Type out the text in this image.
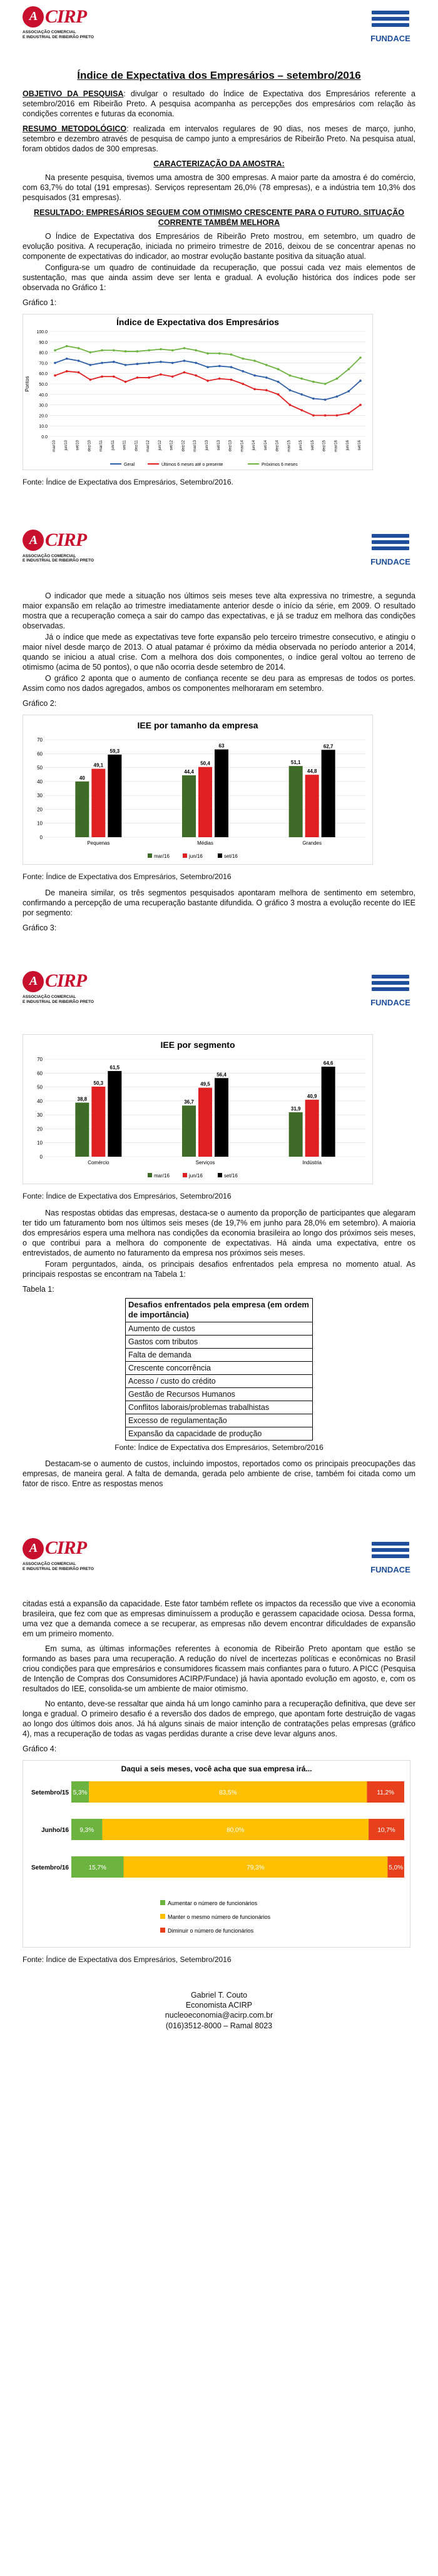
A CIRP
ASSOCIAÇÃO COMERCIAL
E INDUSTRIAL DE RIBEIRÃO PRETO	FUNDACE
Índice de Expectativa dos Empresários – setembro/2016

OBJETIVO DA PESQUISA: divulgar o resultado do Índice de Expectativa dos Empresários referente a setembro/2016 em Ribeirão Preto. A pesquisa acompanha as percepções dos empresários com relação às condições correntes e futuras da economia.

RESUMO METODOLÓGICO: realizada em intervalos regulares de 90 dias, nos meses de março, junho, setembro e dezembro através de pesquisa de campo junto a empresários de Ribeirão Preto. Na pesquisa atual, foram obtidos dados de 300 empresas.

CARACTERIZAÇÃO DA AMOSTRA:

Na presente pesquisa, tivemos uma amostra de 300 empresas. A maior parte da amostra é do comércio, com 63,7% do total (191 empresas). Serviços representam 26,0% (78 empresas), e a indústria tem 10,3% dos pesquisados (31 empresas).

RESULTADO: EMPRESÁRIOS SEGUEM COM OTIMISMO CRESCENTE PARA O FUTURO. SITUAÇÃO CORRENTE TAMBÉM MELHORA

O Índice de Expectativa dos Empresários de Ribeirão Preto mostrou, em setembro, um quadro de evolução positiva. A recuperação, iniciada no primeiro trimestre de 2016, deixou de se concentrar apenas no componente de expectativas do indicador, ao mostrar evolução bastante positiva da situação atual.

Configura-se um quadro de continuidade da recuperação, que possui cada vez mais elementos de sustentação, mas que ainda assim deve ser lenta e gradual. A evolução histórica dos índices pode ser observada no Gráfico 1:

Gráfico 1:
Índice de Expectativa dos Empresários
0.0
10.0
20.0
30.0
40.0
50.0
60.0
70.0
80.0
90.0
100.0
Pontos
mar/10 jun/10 set/10 dez/10 mar/11 jun/11 set/11 dez/11 mar/12 jun/12 set/12 dez/12 mar/13 jun/13 set/13 dez/13 mar/14 jun/14 set/14 dez/14 mar/15 jun/15 set/15 dez/15 mar/16 jun/16 set/16
Geral	Últimos 6 meses até o presente	Próximos 6 meses
Fonte: Índice de Expectativa dos Empresários, Setembro/2016.
A CIRP
ASSOCIAÇÃO COMERCIAL
E INDUSTRIAL DE RIBEIRÃO PRETO	FUNDACE

O indicador que mede a situação nos últimos seis meses teve alta expressiva no trimestre, a segunda maior expansão em relação ao trimestre imediatamente anterior desde o início da série, em 2009. O resultado mostra que a recuperação começa a sair do campo das expectativas, e já se traduz em melhora das condições observadas.

Já o índice que mede as expectativas teve forte expansão pelo terceiro trimestre consecutivo, e atingiu o maior nível desde março de 2013. O atual patamar é próximo da média observada no período anterior a 2014, quando se iniciou a atual crise. Com a melhora dos dois componentes, o índice geral voltou ao terreno de otimismo (acima de 50 pontos), o que não ocorria desde setembro de 2014.

O gráfico 2 aponta que o aumento de confiança recente se deu para as empresas de todos os portes. Assim como nos dados agregados, ambos os componentes melhoraram em setembro.

Gráfico 2:
IEE por tamanho da empresa
0
10
20
30
40
50
60
70
40
49,1
59,3
Pequenas
44,4
50,4
63
Médias
51,1
44,8
62,7
Grandes
mar/16	jun/16	set/16
Fonte: Índice de Expectativa dos Empresários, Setembro/2016

De maneira similar, os três segmentos pesquisados apontaram melhora de sentimento em setembro, confirmando a percepção de uma recuperação bastante difundida. O gráfico 3 mostra a evolução recente do IEE por segmento:

Gráfico 3:
A CIRP
ASSOCIAÇÃO COMERCIAL
E INDUSTRIAL DE RIBEIRÃO PRETO	FUNDACE
IEE por segmento
0
10
20
30
40
50
60
70
38,8
50,3
61,5
Comércio
36,7
49,5
56,4
Serviços
31,9
40,9
64,6
Indústria
mar/16	jun/16	set/16
Fonte: Índice de Expectativa dos Empresários, Setembro/2016

Nas respostas obtidas das empresas, destaca-se o aumento da proporção de participantes que alegaram ter tido um faturamento bom nos últimos seis meses (de 19,7% em junho para 28,0% em setembro). A maioria dos empresários espera uma melhora nas condições da economia brasileira ao longo dos próximos seis meses, o que contribui para a melhora do componente de expectativas. Há ainda uma expectativa, entre os entrevistados, de aumento no faturamento da empresa nos próximos seis meses.

Foram perguntados, ainda, os principais desafios enfrentados pela empresa no momento atual. As principais respostas se encontram na Tabela 1:

Tabela 1:
Desafios enfrentados pela empresa (em ordem de importância)
Aumento de custos
Gastos com tributos
Falta de demanda
Crescente concorrência
Acesso / custo do crédito
Gestão de Recursos Humanos
Conflitos laborais/problemas trabalhistas
Excesso de regulamentação
Expansão da capacidade de produção
Fonte: Índice de Expectativa dos Empresários, Setembro/2016

Destacam-se o aumento de custos, incluindo impostos, reportados como os principais preocupações das empresas, de maneira geral. A falta de demanda, gerada pelo ambiente de crise, também foi citada como um fator de risco. Entre as respostas menos

A CIRP
ASSOCIAÇÃO COMERCIAL
E INDUSTRIAL DE RIBEIRÃO PRETO	FUNDACE

citadas está a expansão da capacidade. Este fator também reflete os impactos da recessão que vive a economia brasileira, que fez com que as empresas diminuíssem a produção e gerassem capacidade ociosa. Dessa forma, uma vez que a demanda comece a se recuperar, as empresas não devem encontrar dificuldades de expansão em um primeiro momento.

Em suma, as últimas informações referentes à economia de Ribeirão Preto apontam que estão se formando as bases para uma recuperação. A redução do nível de incertezas políticas e econômicas no Brasil criou condições para que empresários e consumidores ficassem mais confiantes para o futuro. A PICC (Pesquisa de Intenção de Compras dos Consumidores ACIRP/Fundace) já havia apontado evolução em agosto, e, com os resultados do IEE, consolida-se um ambiente de maior otimismo.

No entanto, deve-se ressaltar que ainda há um longo caminho para a recuperação definitiva, que deve ser longa e gradual. O primeiro desafio é a reversão dos dados de emprego, que apontam forte destruição de vagas ao longo dos últimos dois anos. Já há alguns sinais de maior intenção de contratações pelas empresas (gráfico 4), mas a recuperação de todas as vagas perdidas durante a crise deve levar alguns anos.

Gráfico 4:
Daqui a seis meses, você acha que sua empresa irá...
Setembro/15 5,3%	83,5%	11,2%
Junho/16 9,3%	80,0%	10,7%
Setembro/16	15,7%	79,3%	5,0%
Aumentar o número de funcionários
Manter o mesmo número de funcionários
Diminuir o número de funcionários
Fonte: Índice de Expectativa dos Empresários, Setembro/2016
Gabriel T. Couto
Economista ACIRP
nucleoeconomia@acirp.com.br
(016)3512-8000 – Ramal 8023
